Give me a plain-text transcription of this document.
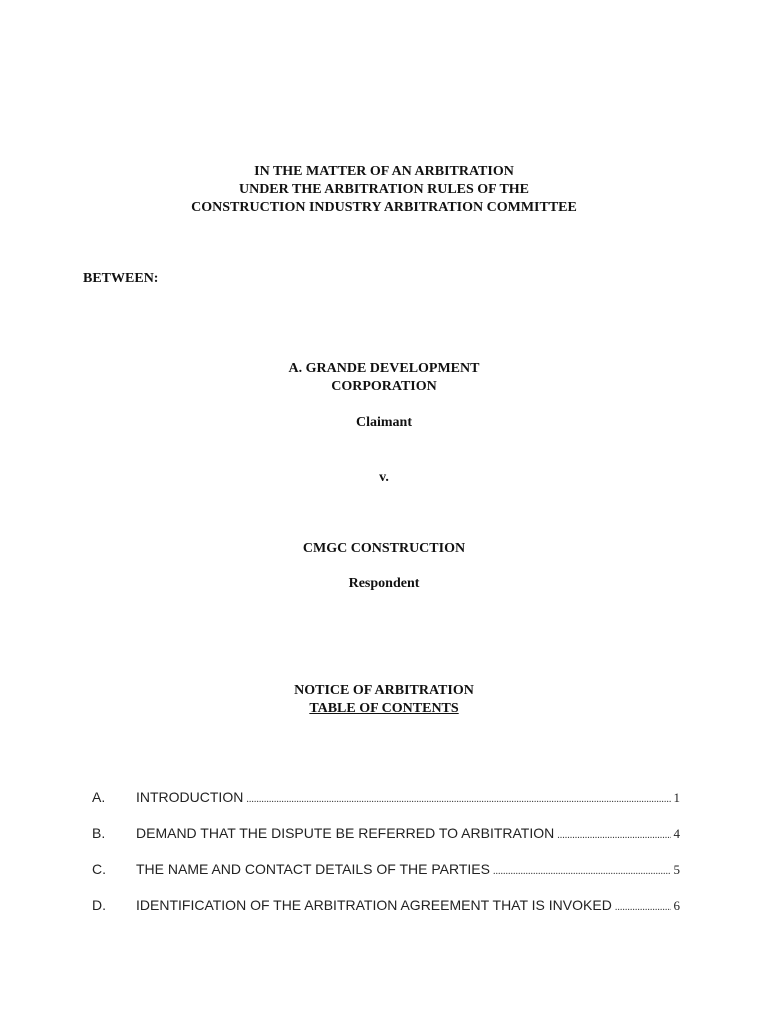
IN THE MATTER OF AN ARBITRATION
UNDER THE ARBITRATION RULES OF THE
CONSTRUCTION INDUSTRY ARBITRATION COMMITTEE
BETWEEN:
A. GRANDE DEVELOPMENT
CORPORATION
Claimant
v.
CMGC CONSTRUCTION
Respondent
NOTICE OF ARBITRATION
TABLE OF CONTENTS
A.	INTRODUCTION .....	1
B.	DEMAND THAT THE DISPUTE BE REFERRED TO ARBITRATION .....	4
C.	THE NAME AND CONTACT DETAILS OF THE PARTIES .....	5
D.	IDENTIFICATION OF THE ARBITRATION AGREEMENT THAT IS INVOKED .....	6
